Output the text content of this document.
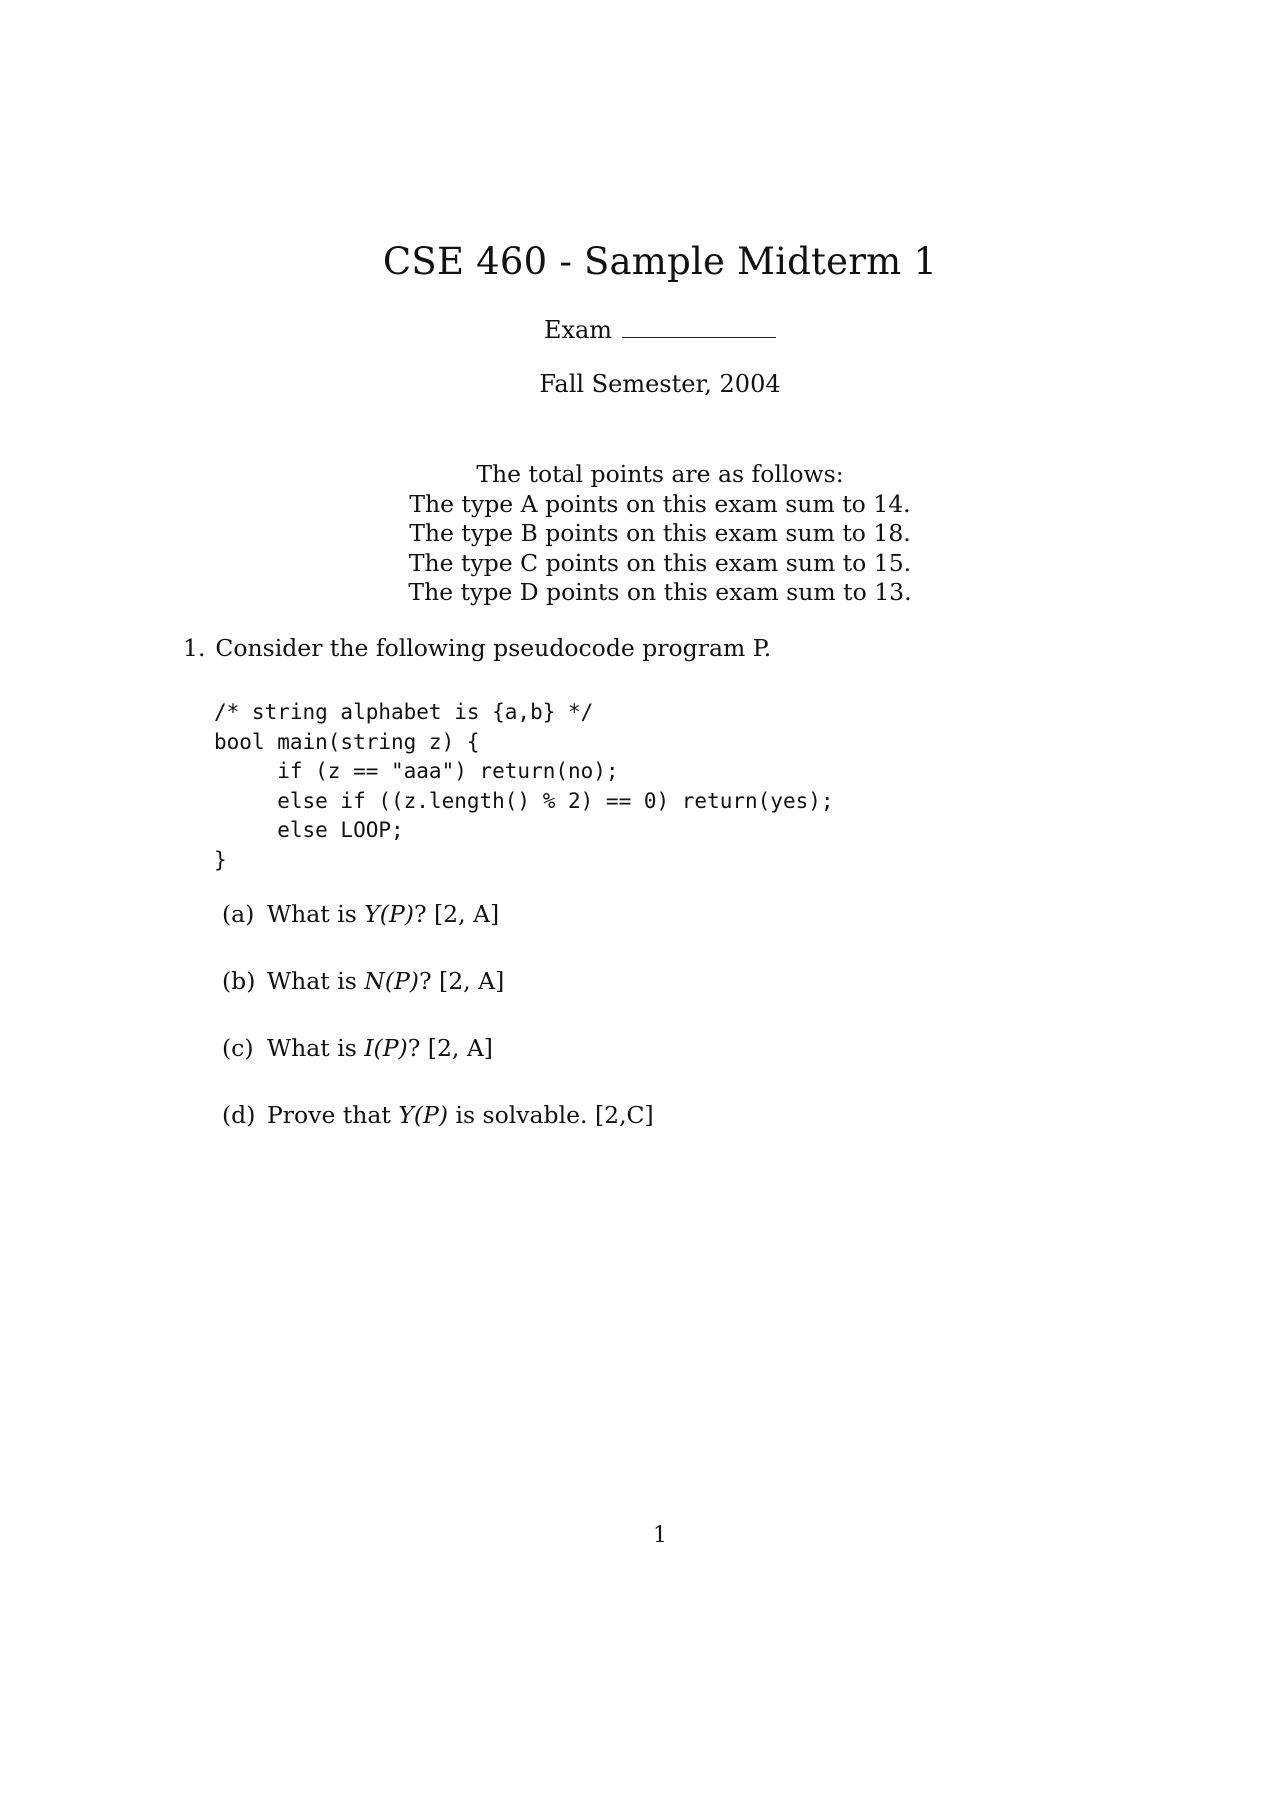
CSE 460 - Sample Midterm 1
Exam
Fall Semester, 2004
The total points are as follows:
The type A points on this exam sum to 14.
The type B points on this exam sum to 18.
The type C points on this exam sum to 15.
The type D points on this exam sum to 13.
1. Consider the following pseudocode program P.
/* string alphabet is {a,b} */
bool main(string z) {
if (z == "aaa") return(no);
else if ((z.length() % 2) == 0) return(yes);
else LOOP;
}
(a) What is Y(P)? [2, A]
(b) What is N(P)? [2, A]
(c) What is I(P)? [2, A]
(d) Prove that Y(P) is solvable. [2,C]
1
